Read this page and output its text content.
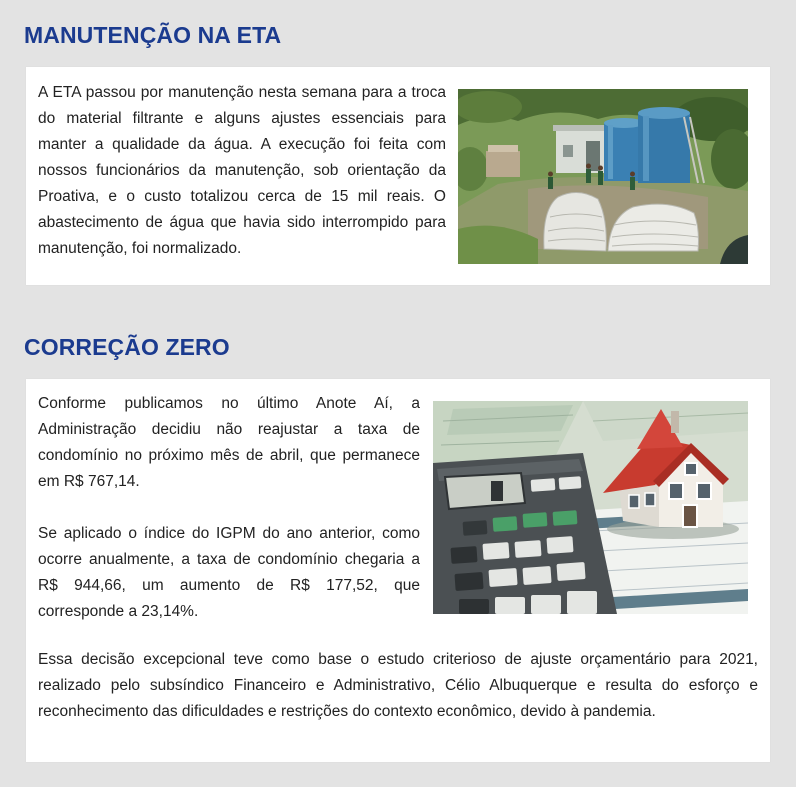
MANUTENÇÃO NA ETA

A ETA passou por manutenção nesta semana para a troca do material filtrante e alguns ajustes essenciais para manter a qualidade da água. A execução foi feita com nossos funcionários da manutenção, sob orientação da Proativa, e o custo totalizou cerca de 15 mil reais. O abastecimento de água que havia sido interrompido para manutenção, foi normalizado.

CORREÇÃO ZERO

Conforme publicamos no último Anote Aí, a Administração decidiu não reajustar a taxa de condomínio no próximo mês de abril, que permanece em R$ 767,14.

Se aplicado o índice do IGPM do ano anterior, como ocorre anualmente, a taxa de condomínio chegaria a R$ 944,66, um aumento de R$ 177,52, que corresponde a 23,14%.

Essa decisão excepcional teve como base o estudo criterioso de ajuste orçamentário para 2021, realizado pelo subsíndico Financeiro e Administrativo, Célio Albuquerque e resulta do esforço e reconhecimento das dificuldades e restrições do contexto econômico, devido à pandemia.
